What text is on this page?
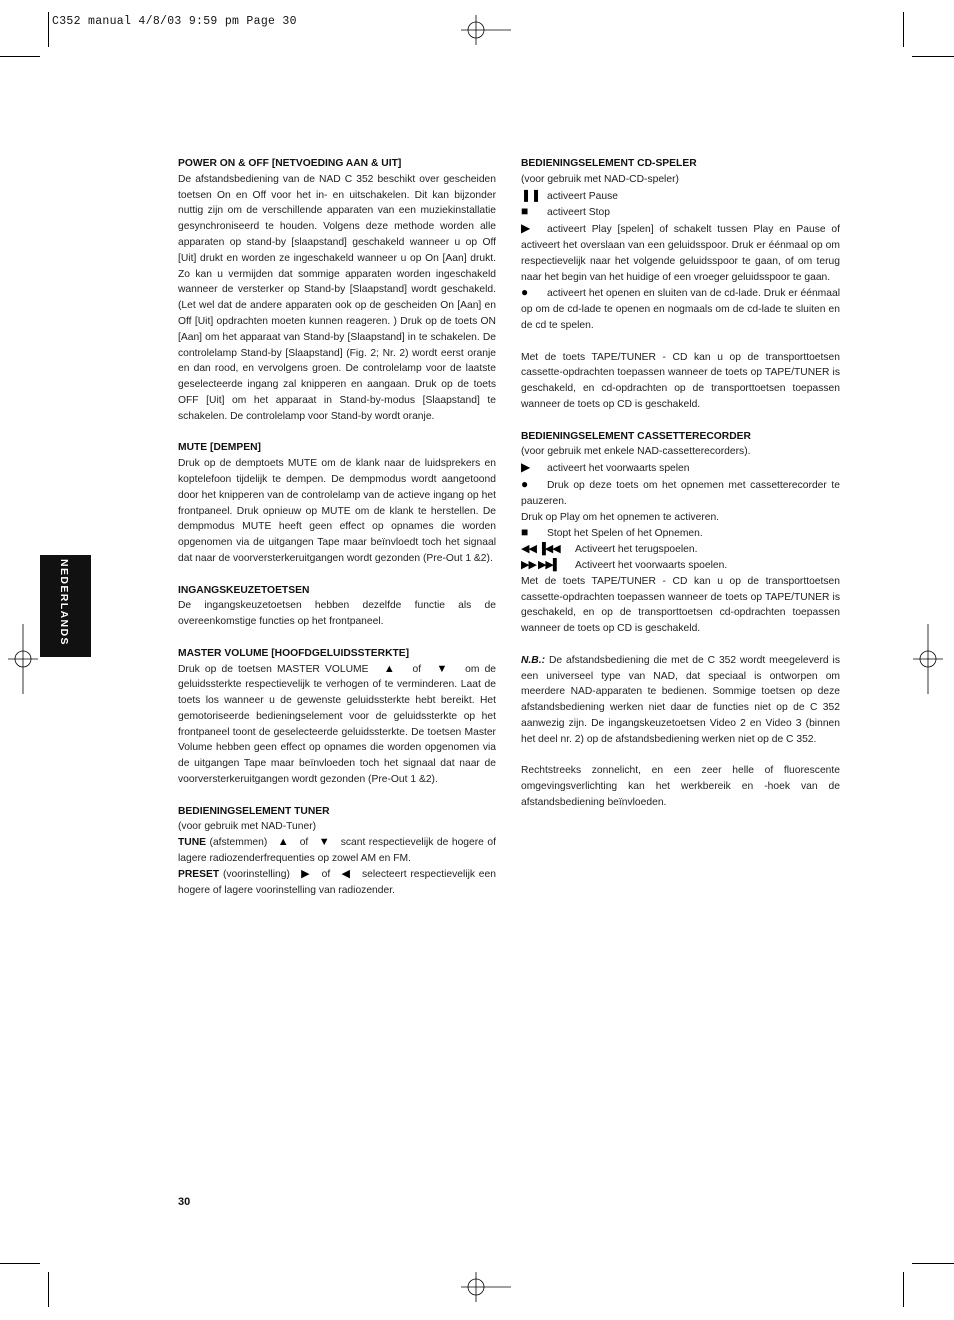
C352 manual 4/8/03 9:59 pm Page 30
NEDERLANDS
POWER ON & OFF [NETVOEDING AAN & UIT]

De afstandsbediening van de NAD C 352 beschikt over gescheiden toetsen On en Off voor het in- en uitschakelen. Dit kan bijzonder nuttig zijn om de verschillende apparaten van een muziekinstallatie gesynchroniseerd te houden. Volgens deze methode worden alle apparaten op stand-by [slaapstand] geschakeld wanneer u op Off [Uit] drukt en worden ze ingeschakeld wanneer u op On [Aan] drukt. Zo kan u vermijden dat sommige apparaten worden ingeschakeld wanneer de versterker op Stand-by [Slaapstand] wordt geschakeld. (Let wel dat de andere apparaten ook op de gescheiden On [Aan] en Off [Uit] opdrachten moeten kunnen reageren. ) Druk op de toets ON [Aan] om het apparaat van Stand-by [Slaapstand] in te schakelen. De controlelamp Stand-by [Slaapstand] (Fig. 2; Nr. 2) wordt eerst oranje en dan rood, en vervolgens groen. De controlelamp voor de laatste geselecteerde ingang zal knipperen en aangaan. Druk op de toets OFF [Uit] om het apparaat in Stand-by-modus [Slaapstand] te schakelen. De controlelamp voor Stand-by wordt oranje.

MUTE [DEMPEN]

Druk op de demptoets MUTE om de klank naar de luidsprekers en koptelefoon tijdelijk te dempen. De dempmodus wordt aangetoond door het knipperen van de controlelamp van de actieve ingang op het frontpaneel. Druk opnieuw op MUTE om de klank te herstellen. De dempmodus MUTE heeft geen effect op opnames die worden opgenomen via de uitgangen Tape maar beïnvloedt toch het signaal dat naar de voorversterkeruitgangen wordt gezonden (Pre-Out 1 &2).

INGANGSKEUZETOETSEN

De ingangskeuzetoetsen hebben dezelfde functie als de overeenkomstige functies op het frontpaneel.

MASTER VOLUME [HOOFDGELUIDSSTERKTE]

Druk op de toetsen MASTER VOLUME ▲ of ▼ om de geluidssterkte respectievelijk te verhogen of te verminderen. Laat de toets los wanneer u de gewenste geluidssterkte hebt bereikt. Het gemotoriseerde bedieningselement voor de geluidssterkte op het frontpaneel toont de geselecteerde geluidssterkte. De toetsen Master Volume hebben geen effect op opnames die worden opgenomen via de uitgangen Tape maar beïnvloeden toch het signaal dat naar de voorversterkeruitgangen wordt gezonden (Pre-Out 1 &2).

BEDIENINGSELEMENT TUNER

(voor gebruik met NAD-Tuner)

TUNE (afstemmen) ▲ of ▼ scant respectievelijk de hogere of lagere radiozenderfrequenties op zowel AM en FM.

PRESET (voorinstelling) ▶ of ◀ selecteert respectievelijk een hogere of lagere voorinstelling van radiozender.

BEDIENINGSELEMENT CD-SPELER

(voor gebruik met NAD-CD-speler)

❚❚ activeert Pause

■ activeert Stop

▶ activeert Play [spelen] of schakelt tussen Play en Pause of activeert het overslaan van een geluidsspoor. Druk er éénmaal op om respectievelijk naar het volgende geluidsspoor te gaan, of om terug naar het begin van het huidige of een vroeger geluidsspoor te gaan.

● activeert het openen en sluiten van de cd-lade. Druk er éénmaal op om de cd-lade te openen en nogmaals om de cd-lade te sluiten en de cd te spelen.

Met de toets TAPE/TUNER - CD kan u op de transporttoetsen cassette-opdrachten toepassen wanneer de toets op TAPE/TUNER is geschakeld, en cd-opdrachten op de transporttoetsen toepassen wanneer de toets op CD is geschakeld.

BEDIENINGSELEMENT CASSETTERECORDER

(voor gebruik met enkele NAD-cassetterecorders).

▶ activeert het voorwaarts spelen

● Druk op deze toets om het opnemen met cassetterecorder te pauzeren.

Druk op Play om het opnemen te activeren.

■ Stopt het Spelen of het Opnemen.

◀◀ ▐◀◀ Activeert het terugspoelen.

▶▶ ▶▶▌ Activeert het voorwaarts spoelen.

Met de toets TAPE/TUNER - CD kan u op de transporttoetsen cassette-opdrachten toepassen wanneer de toets op TAPE/TUNER is geschakeld, en op de transporttoetsen cd-opdrachten toepassen wanneer de toets op CD is geschakeld.

N.B.: De afstandsbediening die met de C 352 wordt meegeleverd is een universeel type van NAD, dat speciaal is ontworpen om meerdere NAD-apparaten te bedienen. Sommige toetsen op deze afstandsbediening werken niet daar de functies niet op de C 352 aanwezig zijn. De ingangskeuzetoetsen Video 2 en Video 3 (binnen het deel nr. 2) op de afstandsbediening werken niet op de C 352.

Rechtstreeks zonnelicht, en een zeer helle of fluorescente omgevingsverlichting kan het werkbereik en -hoek van de afstandsbediening beïnvloeden.

30
